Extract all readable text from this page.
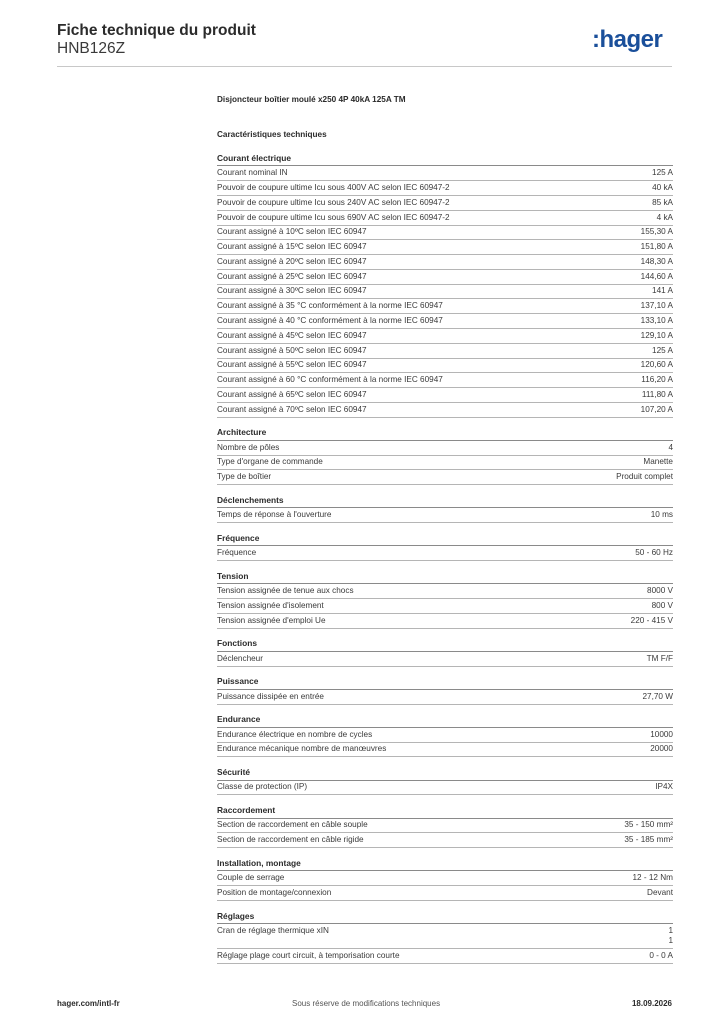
Fiche technique du produit
HNB126Z	:hager
Disjoncteur boîtier moulé x250 4P 40kA 125A TM
Caractéristiques techniques
Courant électrique
Courant nominal IN	125 A
Pouvoir de coupure ultime Icu sous 400V AC selon IEC 60947-2	40 kA
Pouvoir de coupure ultime Icu sous 240V AC selon IEC 60947-2	85 kA
Pouvoir de coupure ultime Icu sous 690V AC selon IEC 60947-2	4 kA
Courant assigné à 10ºC selon IEC 60947	155,30 A
Courant assigné à 15ºC selon IEC 60947	151,80 A
Courant assigné à 20ºC selon IEC 60947	148,30 A
Courant assigné à 25ºC selon IEC 60947	144,60 A
Courant assigné à 30ºC selon IEC 60947	141 A
Courant assigné à 35 °C conformément à la norme IEC 60947	137,10 A
Courant assigné à 40 °C conformément à la norme IEC 60947	133,10 A
Courant assigné à 45ºC selon IEC 60947	129,10 A
Courant assigné à 50ºC selon IEC 60947	125 A
Courant assigné à 55ºC selon IEC 60947	120,60 A
Courant assigné à 60 °C conformément à la norme IEC 60947	116,20 A
Courant assigné à 65ºC selon IEC 60947	111,80 A
Courant assigné à 70ºC selon IEC 60947	107,20 A
Architecture
Nombre de pôles	4
Type d'organe de commande	Manette
Type de boîtier	Produit complet
Déclenchements
Temps de réponse à l'ouverture	10 ms
Fréquence
Fréquence	50 - 60 Hz
Tension
Tension assignée de tenue aux chocs	8000 V
Tension assignée d'isolement	800 V
Tension assignée d'emploi Ue	220 - 415 V
Fonctions
Déclencheur	TM F/F
Puissance
Puissance dissipée en entrée	27,70 W
Endurance
Endurance électrique en nombre de cycles	10000
Endurance mécanique nombre de manœuvres	20000
Sécurité
Classe de protection (IP)	IP4X
Raccordement
Section de raccordement en câble souple	35 - 150 mm²
Section de raccordement en câble rigide	35 - 185 mm²
Installation, montage
Couple de serrage	12 - 12 Nm
Position de montage/connexion	Devant
Réglages
Cran de réglage thermique xIN	1
1
Réglage plage court circuit, à temporisation courte	0 - 0 A
hager.com/intl-fr	Sous réserve de modifications techniques	18.09.2026
